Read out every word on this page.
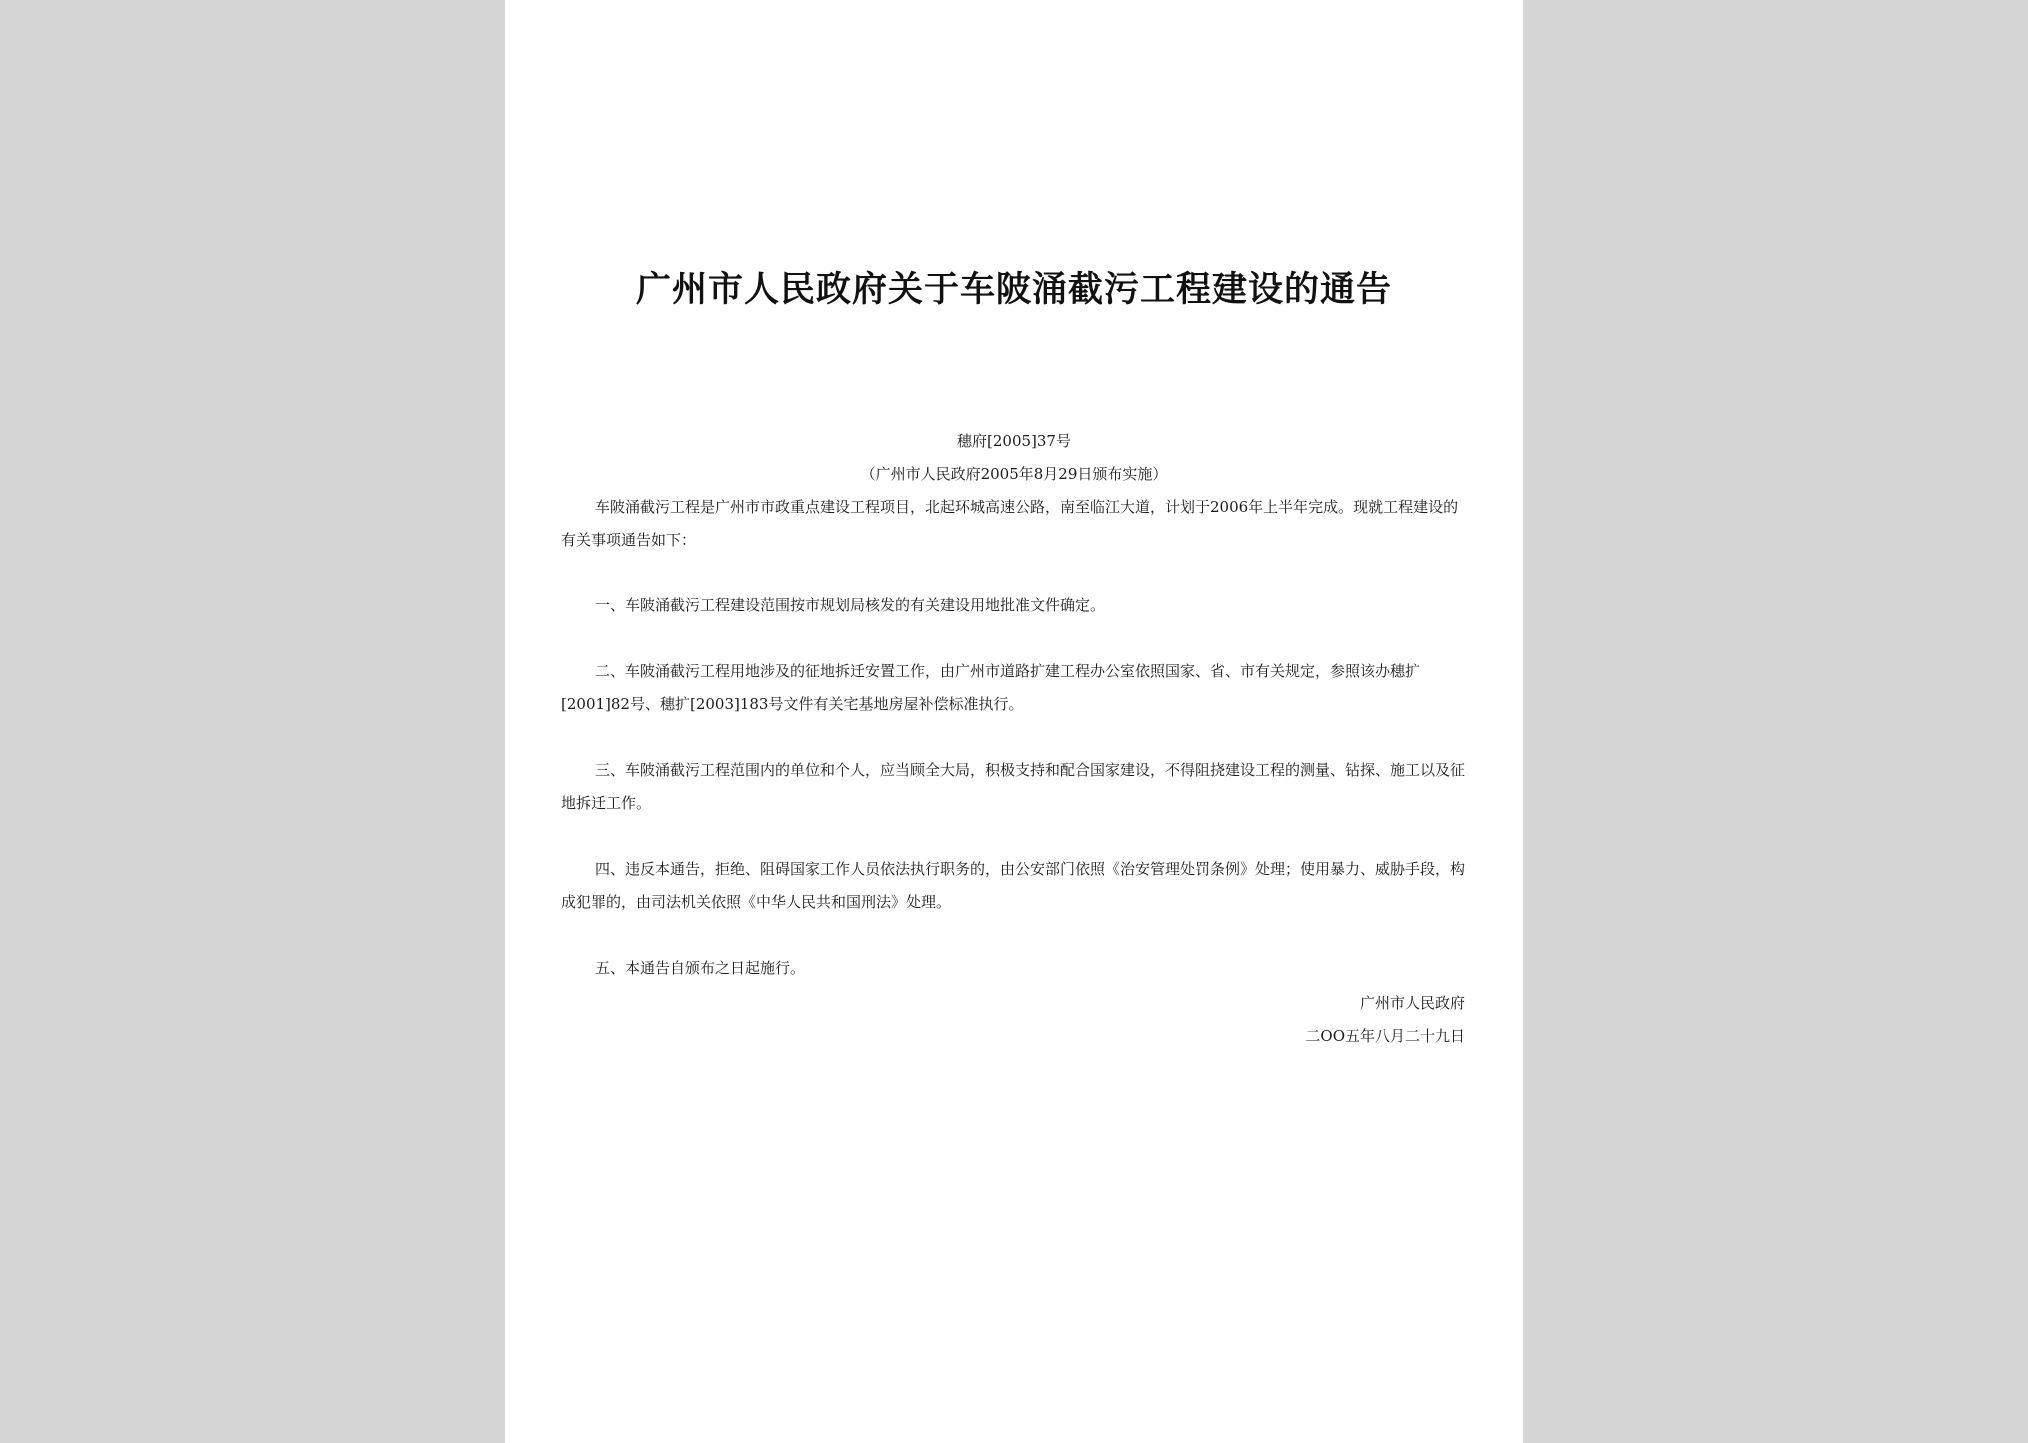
广州市人民政府关于车陂涌截污工程建设的通告
穗府[2005]37号
（广州市人民政府2005年8月29日颁布实施）

车陂涌截污工程是广州市市政重点建设工程项目，北起环城高速公路，南至临江大道，计划于2006年上半年完成。现就工程建设的有关事项通告如下：

一、车陂涌截污工程建设范围按市规划局核发的有关建设用地批准文件确定。

二、车陂涌截污工程用地涉及的征地拆迁安置工作，由广州市道路扩建工程办公室依照国家、省、市有关规定，参照该办穗扩[2001]82号、穗扩[2003]183号文件有关宅基地房屋补偿标准执行。

三、车陂涌截污工程范围内的单位和个人，应当顾全大局，积极支持和配合国家建设，不得阻挠建设工程的测量、钻探、施工以及征地拆迁工作。

四、违反本通告，拒绝、阻碍国家工作人员依法执行职务的，由公安部门依照《治安管理处罚条例》处理；使用暴力、威胁手段，构成犯罪的，由司法机关依照《中华人民共和国刑法》处理。

五、本通告自颁布之日起施行。

广州市人民政府
二OO五年八月二十九日
